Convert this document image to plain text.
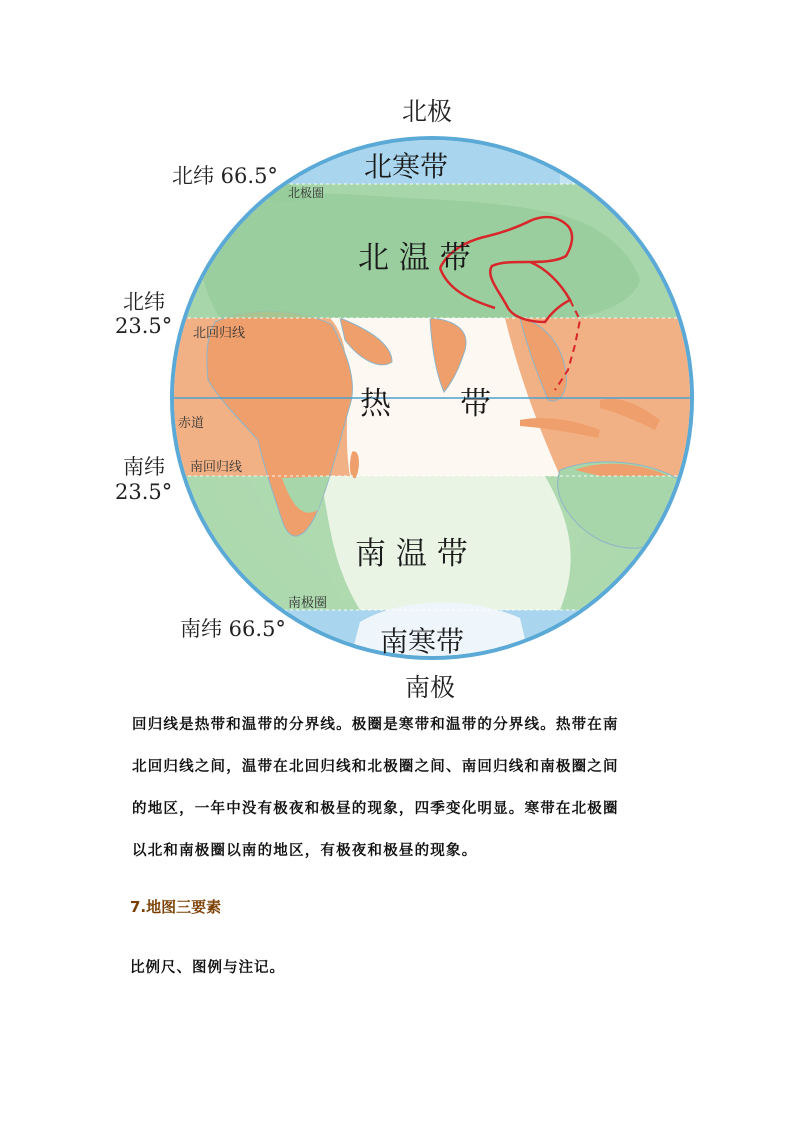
北极
北纬 66.5°
北纬
23.5°
南纬
23.5°
南纬 66.5°
南极
北极圈
北回归线
赤道
南回归线
南极圈
北寒带
北 温 带
热 带
南 温 带
南寒带
回归线是热带和温带的分界线。极圈是寒带和温带的分界线。热带在南
北回归线之间，温带在北回归线和北极圈之间、南回归线和南极圈之间
的地区，一年中没有极夜和极昼的现象，四季变化明显。寒带在北极圈
以北和南极圈以南的地区，有极夜和极昼的现象。
7.地图三要素
比例尺、图例与注记。
